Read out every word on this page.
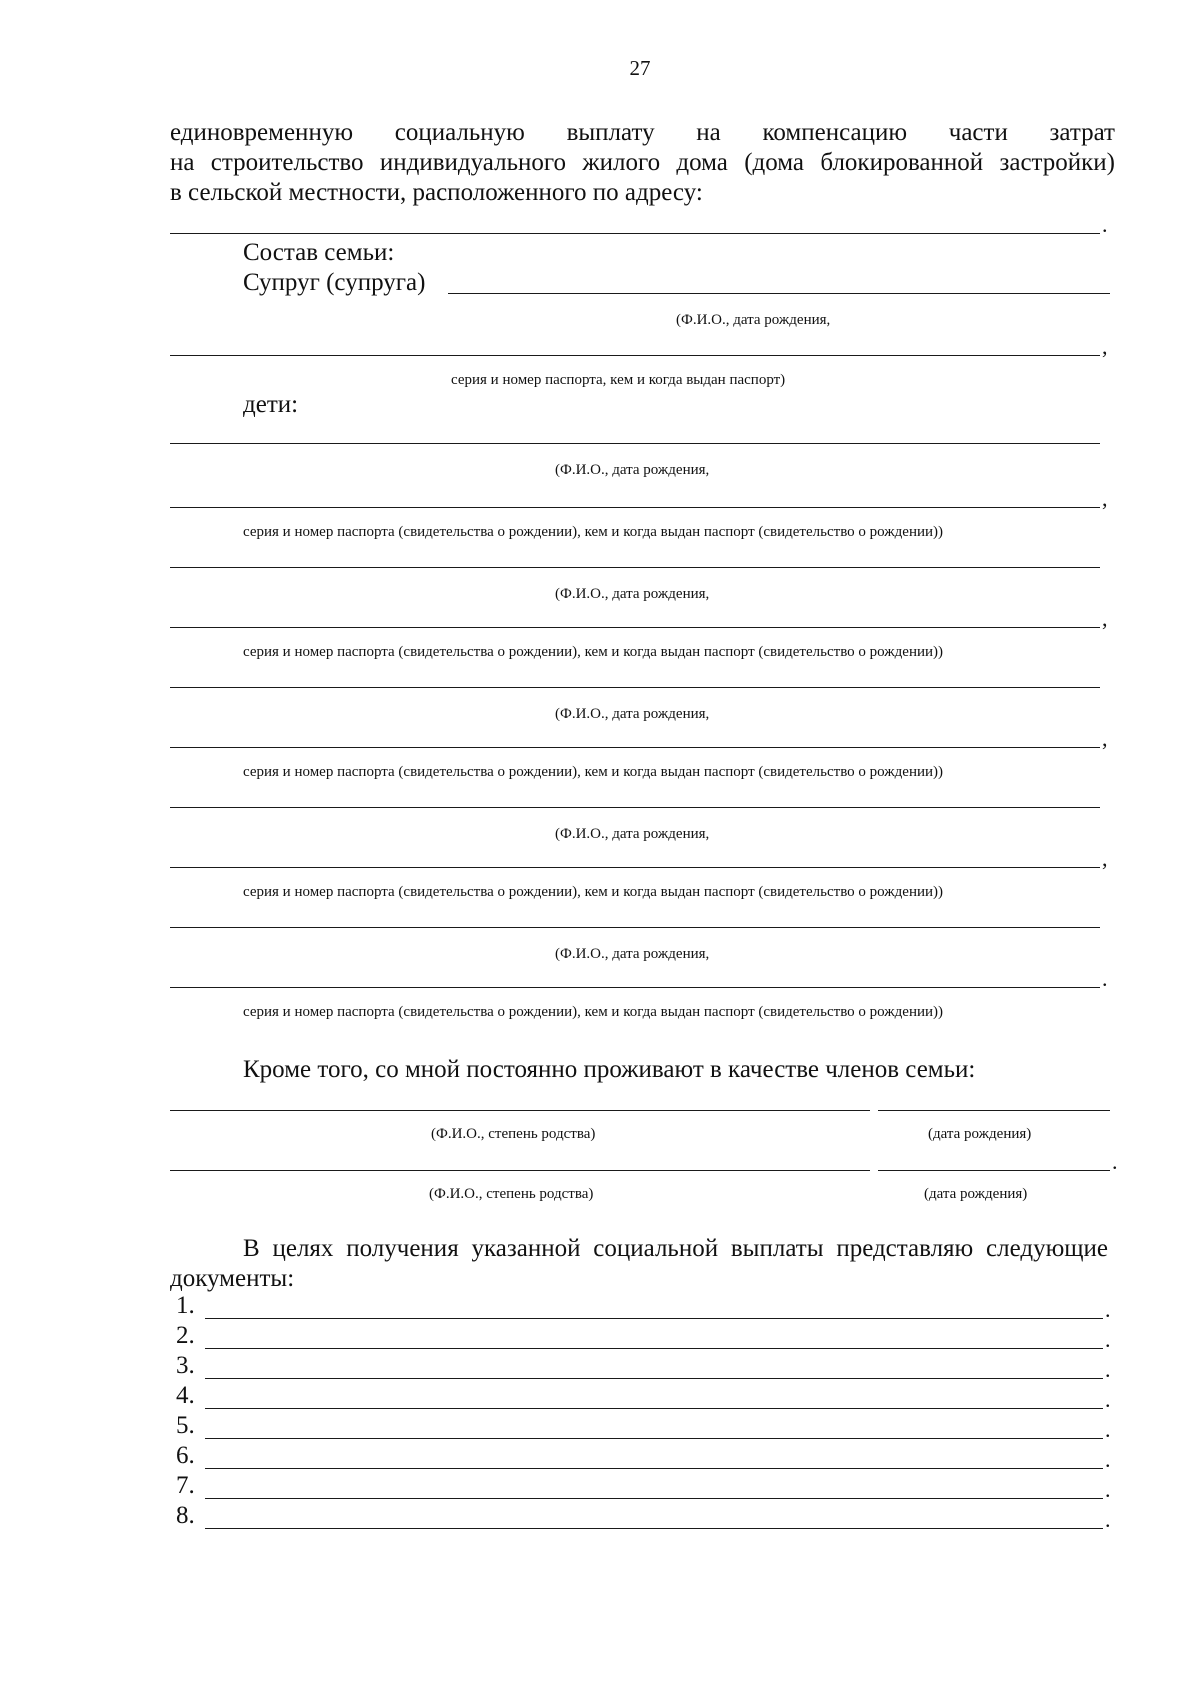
27
единовременную социальную выплату на компенсацию части затрат
на строительство индивидуального жилого дома (дома блокированной застройки)
в сельской местности, расположенного по адресу:
.
Состав семьи:
Супруг (супруга)
(Ф.И.О., дата рождения,
,
серия и номер паспорта, кем и когда выдан паспорт)
дети:
(Ф.И.О., дата рождения,
,
серия и номер паспорта (свидетельства о рождении), кем и когда выдан паспорт (свидетельство о рождении))
(Ф.И.О., дата рождения,
,
серия и номер паспорта (свидетельства о рождении), кем и когда выдан паспорт (свидетельство о рождении))
(Ф.И.О., дата рождения,
,
серия и номер паспорта (свидетельства о рождении), кем и когда выдан паспорт (свидетельство о рождении))
(Ф.И.О., дата рождения,
,
серия и номер паспорта (свидетельства о рождении), кем и когда выдан паспорт (свидетельство о рождении))
(Ф.И.О., дата рождения,
.
серия и номер паспорта (свидетельства о рождении), кем и когда выдан паспорт (свидетельство о рождении))
Кроме того, со мной постоянно проживают в качестве членов семьи:
(Ф.И.О., степень родства)	(дата рождения)
.
(Ф.И.О., степень родства)	(дата рождения)
В целях получения указанной социальной выплаты представляю следующие
документы:
1.	.
2.	.
3.	.
4.	.
5.	.
6.	.
7.	.
8.	.
